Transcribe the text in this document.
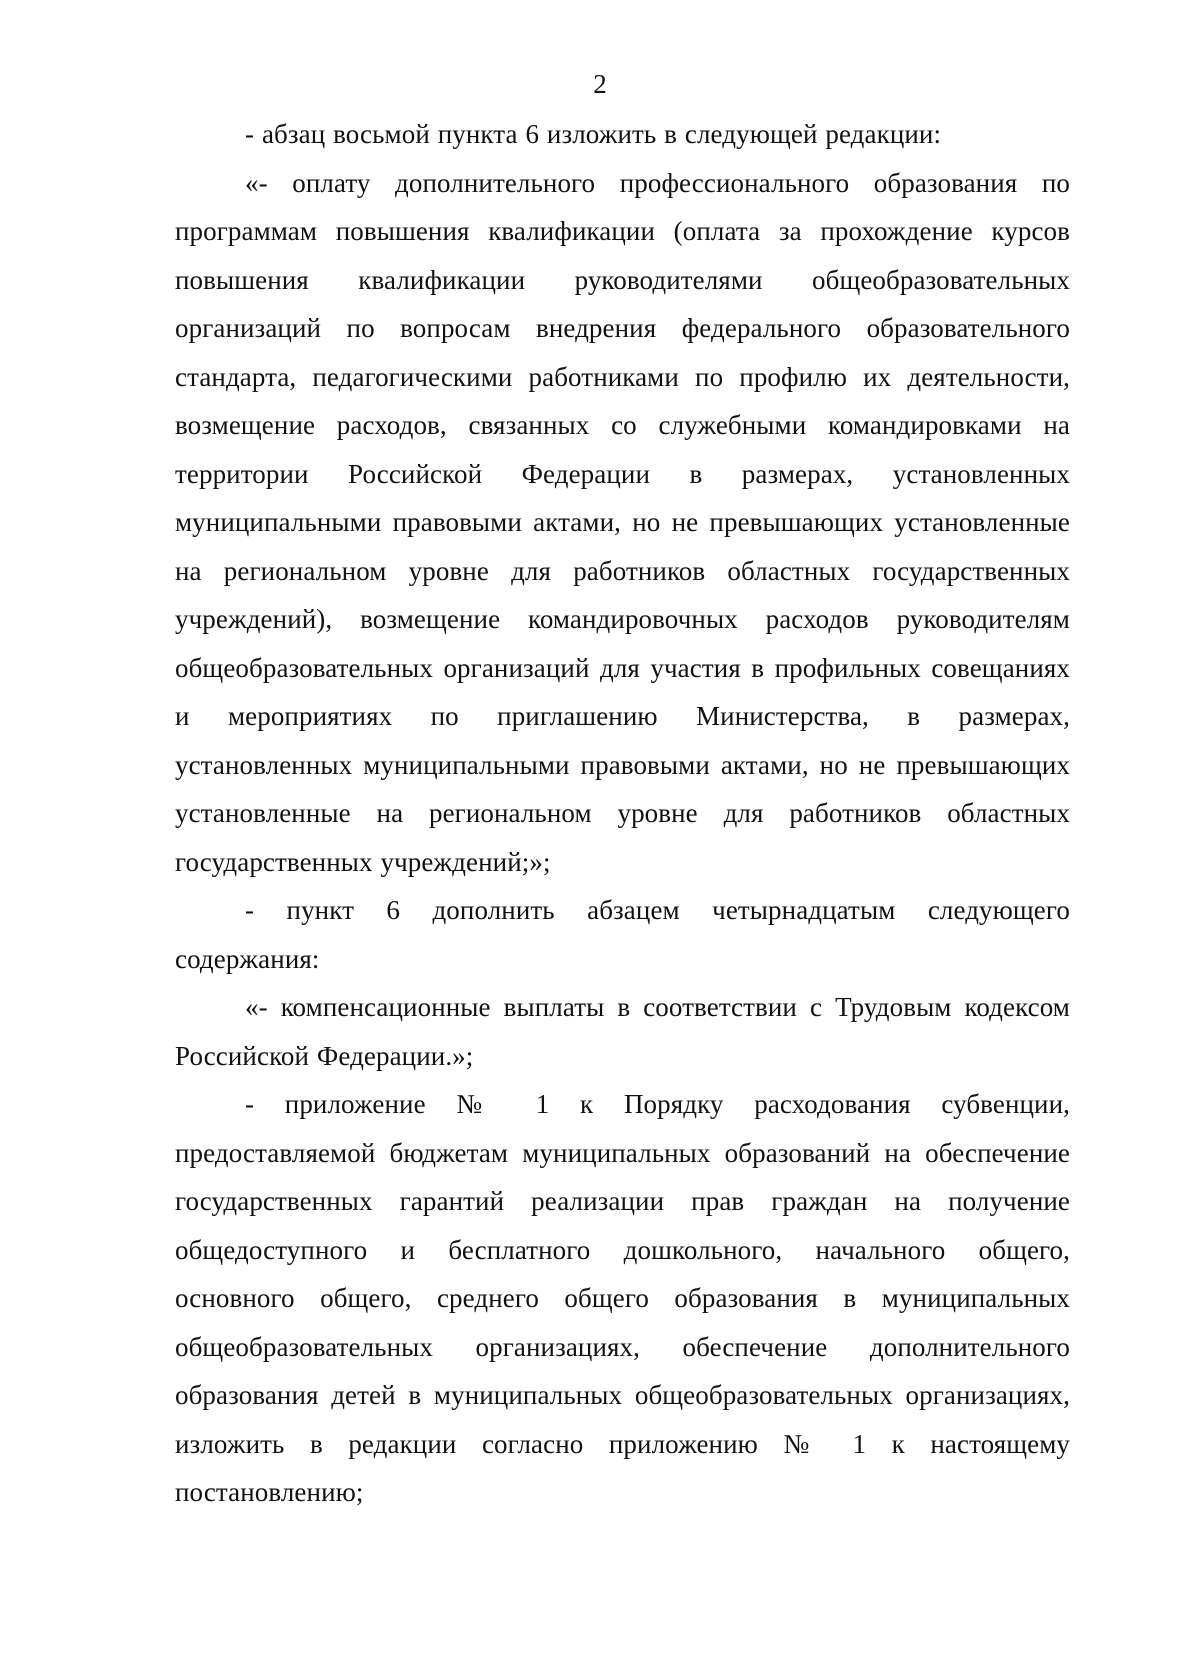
2

- абзац восьмой пункта 6 изложить в следующей редакции:

«- оплату дополнительного профессионального образования по программам повышения квалификации (оплата за прохождение курсов повышения квалификации руководителями общеобразовательных организаций по вопросам внедрения федерального образовательного стандарта, педагогическими работниками по профилю их деятельности, возмещение расходов, связанных со служебными командировками на территории Российской Федерации в размерах, установленных муниципальными правовыми актами, но не превышающих установленные на региональном уровне для работников областных государственных учреждений), возмещение командировочных расходов руководителям общеобразовательных организаций для участия в профильных совещаниях и мероприятиях по приглашению Министерства, в размерах, установленных муниципальными правовыми актами, но не превышающих установленные на региональном уровне для работников областных государственных учреждений;»;

- пункт 6 дополнить абзацем четырнадцатым следующего содержания:

«- компенсационные выплаты в соответствии с Трудовым кодексом Российской Федерации.»;

- приложение № 1 к Порядку расходования субвенции, предоставляемой бюджетам муниципальных образований на обеспечение государственных гарантий реализации прав граждан на получение общедоступного и бесплатного дошкольного, начального общего, основного общего, среднего общего образования в муниципальных общеобразовательных организациях, обеспечение дополнительного образования детей в муниципальных общеобразовательных организациях, изложить в редакции согласно приложению № 1 к настоящему постановлению;
